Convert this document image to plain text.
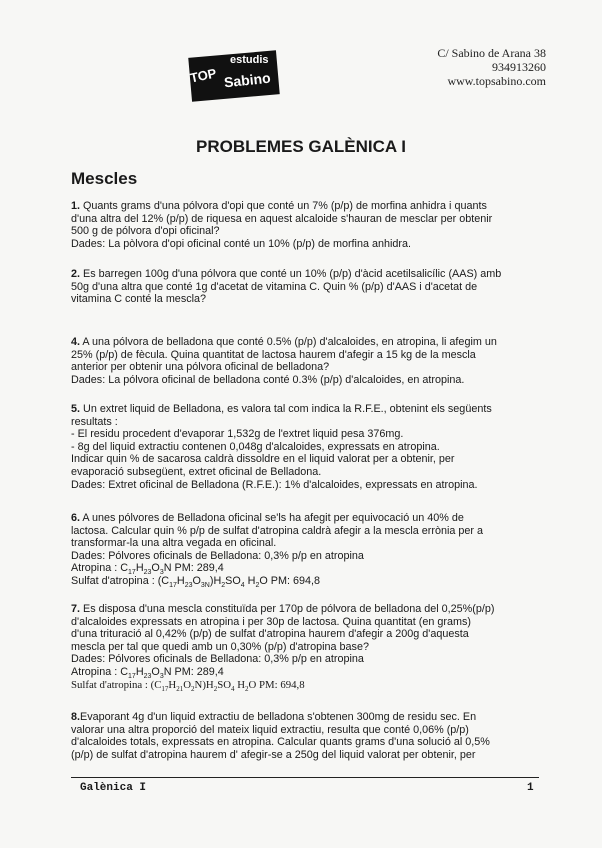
TOP
estudis
Sabino
C/ Sabino de Arana 38
934913260
www.topsabino.com
PROBLEMES GALÈNICA I
Mescles

1. Quants grams d'una pólvora d'opi que conté un 7% (p/p) de morfina anhidra i quants

d'una altra del 12% (p/p) de riquesa en aquest alcaloide s'hauran de mesclar per obtenir

500 g de pólvora d'opi oficinal?

Dades: La pòlvora d'opi oficinal conté un 10% (p/p) de morfina anhidra.

2. Es barregen 100g d'una pólvora que conté un 10% (p/p) d'àcid acetilsalicílic (AAS) amb

50g d'una altra que conté 1g d'acetat de vitamina C. Quin % (p/p) d'AAS i d'acetat de

vitamina C conté la mescla?

4. A una pólvora de belladona que conté 0.5% (p/p) d'alcaloides, en atropina, li afegim un

25% (p/p) de fècula. Quina quantitat de lactosa haurem d'afegir a 15 kg de la mescla

anterior per obtenir una pólvora oficinal de belladona?

Dades: La pólvora oficinal de belladona conté 0.3% (p/p) d'alcaloides, en atropina.

5. Un extret liquid de Belladona, es valora tal com indica la R.F.E., obtenint els següents

resultats :

- El residu procedent d'evaporar 1,532g de l'extret liquid pesa 376mg.

- 8g del liquid extractiu contenen 0,048g d'alcaloides, expressats en atropina.

Indicar quin % de sacarosa caldrà dissoldre en el liquid valorat per a obtenir, per

evaporació subsegüent, extret oficinal de Belladona.

Dades: Extret oficinal de Belladona (R.F.E.): 1% d'alcaloides, expressats en atropina.

6. A unes pólvores de Belladona oficinal se'ls ha afegit per equivocació un 40% de

lactosa. Calcular quin % p/p de sulfat d'atropina caldrà afegir a la mescla errònia per a

transformar-la una altra vegada en oficinal.

Dades: Pólvores oficinals de Belladona: 0,3% p/p en atropina

Atropina : $C_{17}H_{23}O_3N$ PM: 289,4

Sulfat d'atropina : $(C_{17}H_{23}O_{3N})H_2SO_4$ $H_2O$ PM: 694,8

7. Es disposa d'una mescla constituïda per 170p de pólvora de belladona del 0,25%(p/p)

d'alcaloides expressats en atropina i per 30p de lactosa. Quina quantitat (en grams)

d'una trituració al 0,42% (p/p) de sulfat d'atropina haurem d'afegir a 200g d'aquesta

mescla per tal que quedi amb un 0,30% (p/p) d'atropina base?

Dades: Pólvores oficinals de Belladona: 0,3% p/p en atropina

Atropina : $C_{17}H_{23}O_3N$ PM: 289,4

Sulfat d'atropina : $(C_{17}H_{21}O_2N)H_2SO_4$ $H_2O$ PM: 694,8

8.Evaporant 4g d'un liquid extractiu de belladona s'obtenen 300mg de residu sec. En

valorar una altra proporció del mateix liquid extractiu, resulta que conté 0,06% (p/p)

d'alcaloides totals, expressats en atropina. Calcular quants grams d'una solució al 0,5%

(p/p) de sulfat d'atropina haurem d' afegir-se a 250g del liquid valorat per obtenir, per

Galènica I	1
